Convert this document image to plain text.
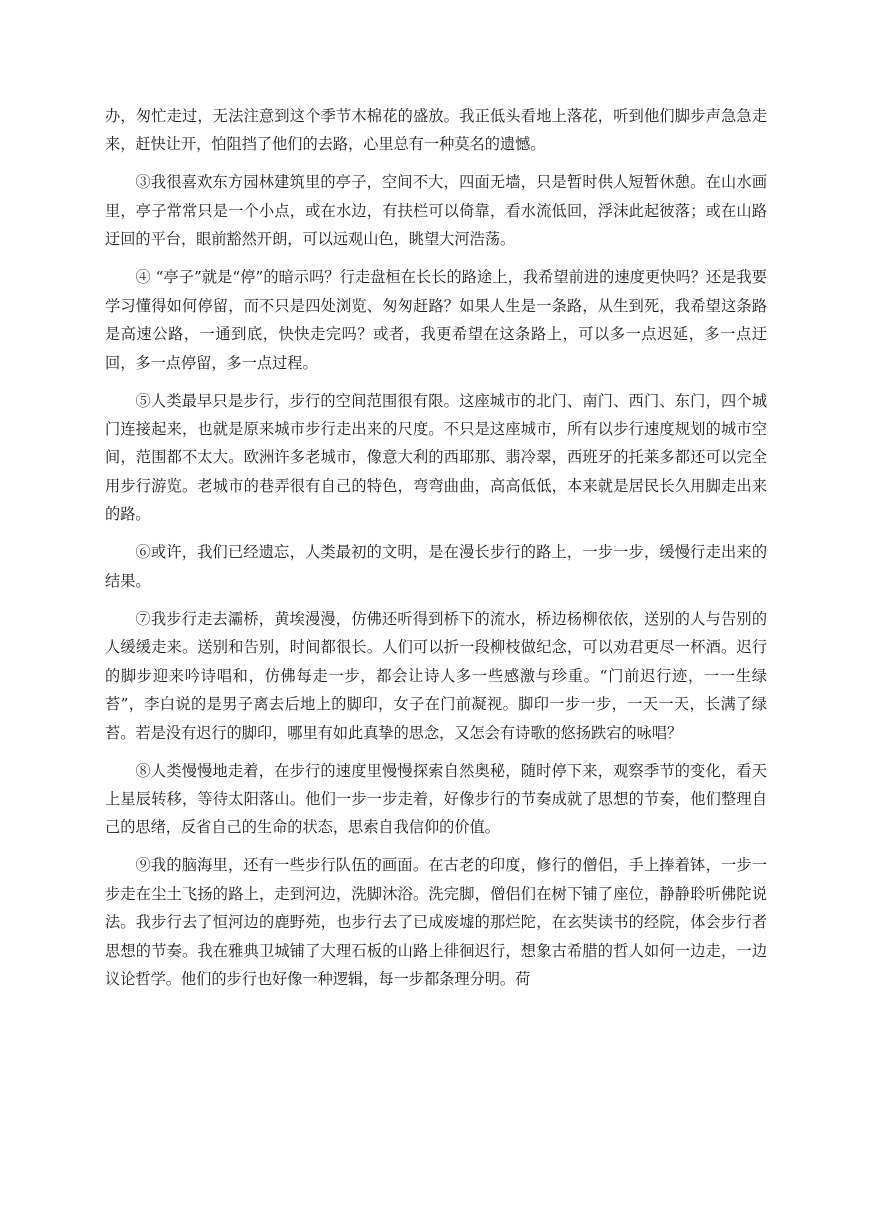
办，匆忙走过，无法注意到这个季节木棉花的盛放。我正低头看地上落花，听到他们脚步声急急走来，赶快让开，怕阻挡了他们的去路，心里总有一种莫名的遗憾。

③我很喜欢东方园林建筑里的亭子，空间不大，四面无墙，只是暂时供人短暂休憩。在山水画里，亭子常常只是一个小点，或在水边，有扶栏可以倚靠，看水流低回，浮沫此起彼落；或在山路迂回的平台，眼前豁然开朗，可以远观山色，眺望大河浩荡。

④ “亭子”就是“停”的暗示吗？行走盘桓在长长的路途上，我希望前进的速度更快吗？还是我要学习懂得如何停留，而不只是四处浏览、匆匆赶路？如果人生是一条路，从生到死，我希望这条路是高速公路，一通到底，快快走完吗？或者，我更希望在这条路上，可以多一点迟延，多一点迂回，多一点停留，多一点过程。

⑤人类最早只是步行，步行的空间范围很有限。这座城市的北门、南门、西门、东门，四个城门连接起来，也就是原来城市步行走出来的尺度。不只是这座城市，所有以步行速度规划的城市空间，范围都不太大。欧洲许多老城市，像意大利的西耶那、翡冷翠，西班牙的托莱多都还可以完全用步行游览。老城市的巷弄很有自己的特色，弯弯曲曲，高高低低，本来就是居民长久用脚走出来的路。

⑥或许，我们已经遗忘，人类最初的文明，是在漫长步行的路上，一步一步，缓慢行走出来的结果。

⑦我步行走去灞桥，黄埃漫漫，仿佛还听得到桥下的流水，桥边杨柳依依，送别的人与告别的人缓缓走来。送别和告别，时间都很长。人们可以折一段柳枝做纪念，可以劝君更尽一杯酒。迟行的脚步迎来吟诗唱和，仿佛每走一步，都会让诗人多一些感激与珍重。“门前迟行迹，一一生绿苔”，李白说的是男子离去后地上的脚印，女子在门前凝视。脚印一步一步，一天一天，长满了绿苔。若是没有迟行的脚印，哪里有如此真挚的思念，又怎会有诗歌的悠扬跌宕的咏唱？

⑧人类慢慢地走着，在步行的速度里慢慢探索自然奥秘，随时停下来，观察季节的变化，看天上星辰转移，等待太阳落山。他们一步一步走着，好像步行的节奏成就了思想的节奏，他们整理自己的思绪，反省自己的生命的状态，思索自我信仰的价值。

⑨我的脑海里，还有一些步行队伍的画面。在古老的印度，修行的僧侣，手上捧着钵，一步一步走在尘土飞扬的路上，走到河边，洗脚沐浴。洗完脚，僧侣们在树下铺了座位，静静聆听佛陀说法。我步行去了恒河边的鹿野苑，也步行去了已成废墟的那烂陀，在玄奘读书的经院，体会步行者思想的节奏。我在雅典卫城铺了大理石板的山路上徘徊迟行，想象古希腊的哲人如何一边走，一边议论哲学。他们的步行也好像一种逻辑，每一步都条理分明。荷
